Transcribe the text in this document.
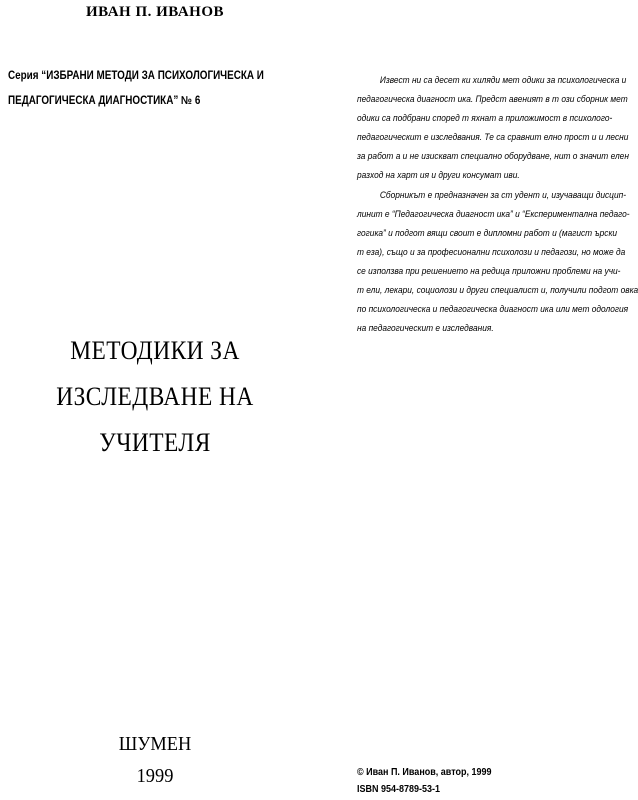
ИВАН П. ИВАНОВ
Серия “ИЗБРАНИ МЕТОДИ ЗА ПСИХОЛОГИЧЕСКА И
ПЕДАГОГИЧЕСКА ДИАГНОСТИКА” № 6
МЕТОДИКИ ЗА
ИЗСЛЕДВАНЕ НА
УЧИТЕЛЯ
ШУМЕН
1999
Извест ни са десет ки хиляди мет одики за психологическа и
педагогическа диагност ика. Предст авеният в т ози сборник мет
одики са подбрани според т яхнат а приложимост в психолого-
педагогическит е изследвания. Те са сравнит елно прост и и лесни
за работ а и не изискват специално оборудване, нит о значит елен
разход на харт ия и други консумат иви.
Сборникът е предназначен за ст удент и, изучаващи дисцип-
линит е “Педагогическа диагност ика” и “Експериментална педаго-
гогика” и подгот вящи своит е дипломни работ и (магист ърски
т еза), също и за професионални психолози и педагози, но може да
се използва при решението на редица приложни проблеми на учи-
т ели, лекари, социолози и други специалист и, получили подгот овка
по психологическа и педагогическа диагност ика или мет одология
на педагогическит е изследвания.
© Иван П. Иванов, автор, 1999
ISBN 954-8789-53-1
